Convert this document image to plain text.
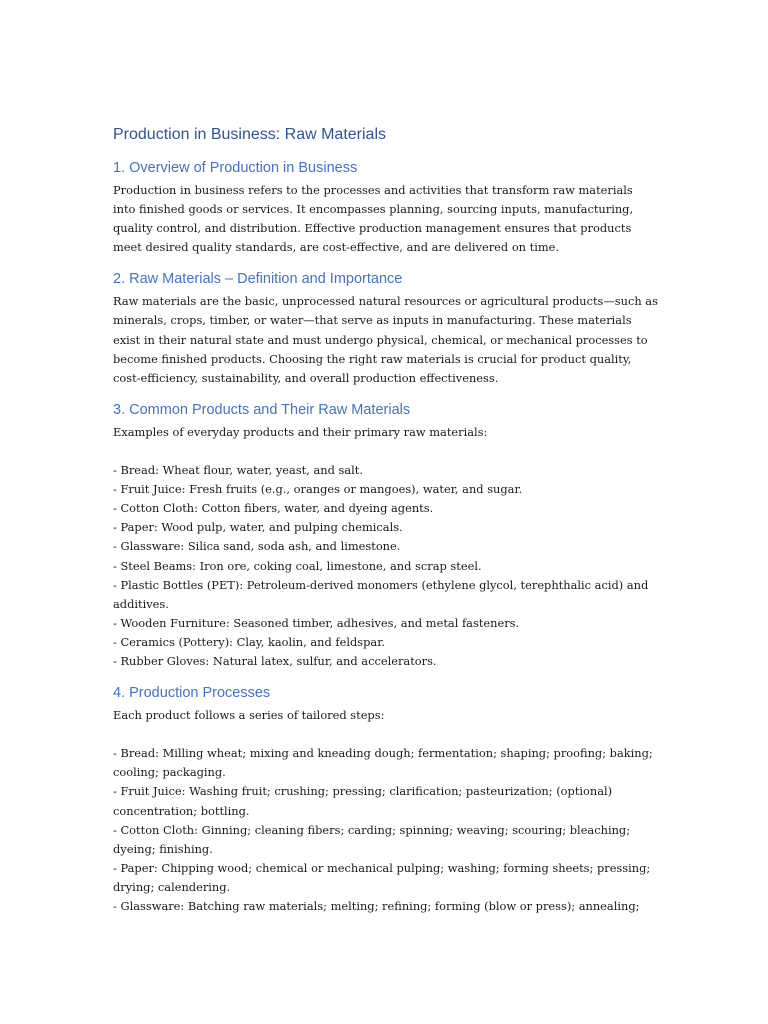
Production in Business: Raw Materials
1. Overview of Production in Business

Production in business refers to the processes and activities that transform raw materials into finished goods or services. It encompasses planning, sourcing inputs, manufacturing, quality control, and distribution. Effective production management ensures that products meet desired quality standards, are cost-effective, and are delivered on time.

2. Raw Materials – Definition and Importance

Raw materials are the basic, unprocessed natural resources or agricultural products—such as minerals, crops, timber, or water—that serve as inputs in manufacturing. These materials exist in their natural state and must undergo physical, chemical, or mechanical processes to become finished products. Choosing the right raw materials is crucial for product quality, cost-efficiency, sustainability, and overall production effectiveness.

3. Common Products and Their Raw Materials

Examples of everyday products and their primary raw materials:

- Bread: Wheat flour, water, yeast, and salt.

- Fruit Juice: Fresh fruits (e.g., oranges or mangoes), water, and sugar.

- Cotton Cloth: Cotton fibers, water, and dyeing agents.

- Paper: Wood pulp, water, and pulping chemicals.

- Glassware: Silica sand, soda ash, and limestone.

- Steel Beams: Iron ore, coking coal, limestone, and scrap steel.

- Plastic Bottles (PET): Petroleum-derived monomers (ethylene glycol, terephthalic acid) and additives.

- Wooden Furniture: Seasoned timber, adhesives, and metal fasteners.

- Ceramics (Pottery): Clay, kaolin, and feldspar.

- Rubber Gloves: Natural latex, sulfur, and accelerators.

4. Production Processes

Each product follows a series of tailored steps:

- Bread: Milling wheat; mixing and kneading dough; fermentation; shaping; proofing; baking; cooling; packaging.

- Fruit Juice: Washing fruit; crushing; pressing; clarification; pasteurization; (optional) concentration; bottling.

- Cotton Cloth: Ginning; cleaning fibers; carding; spinning; weaving; scouring; bleaching; dyeing; finishing.

- Paper: Chipping wood; chemical or mechanical pulping; washing; forming sheets; pressing; drying; calendering.

- Glassware: Batching raw materials; melting; refining; forming (blow or press); annealing;
